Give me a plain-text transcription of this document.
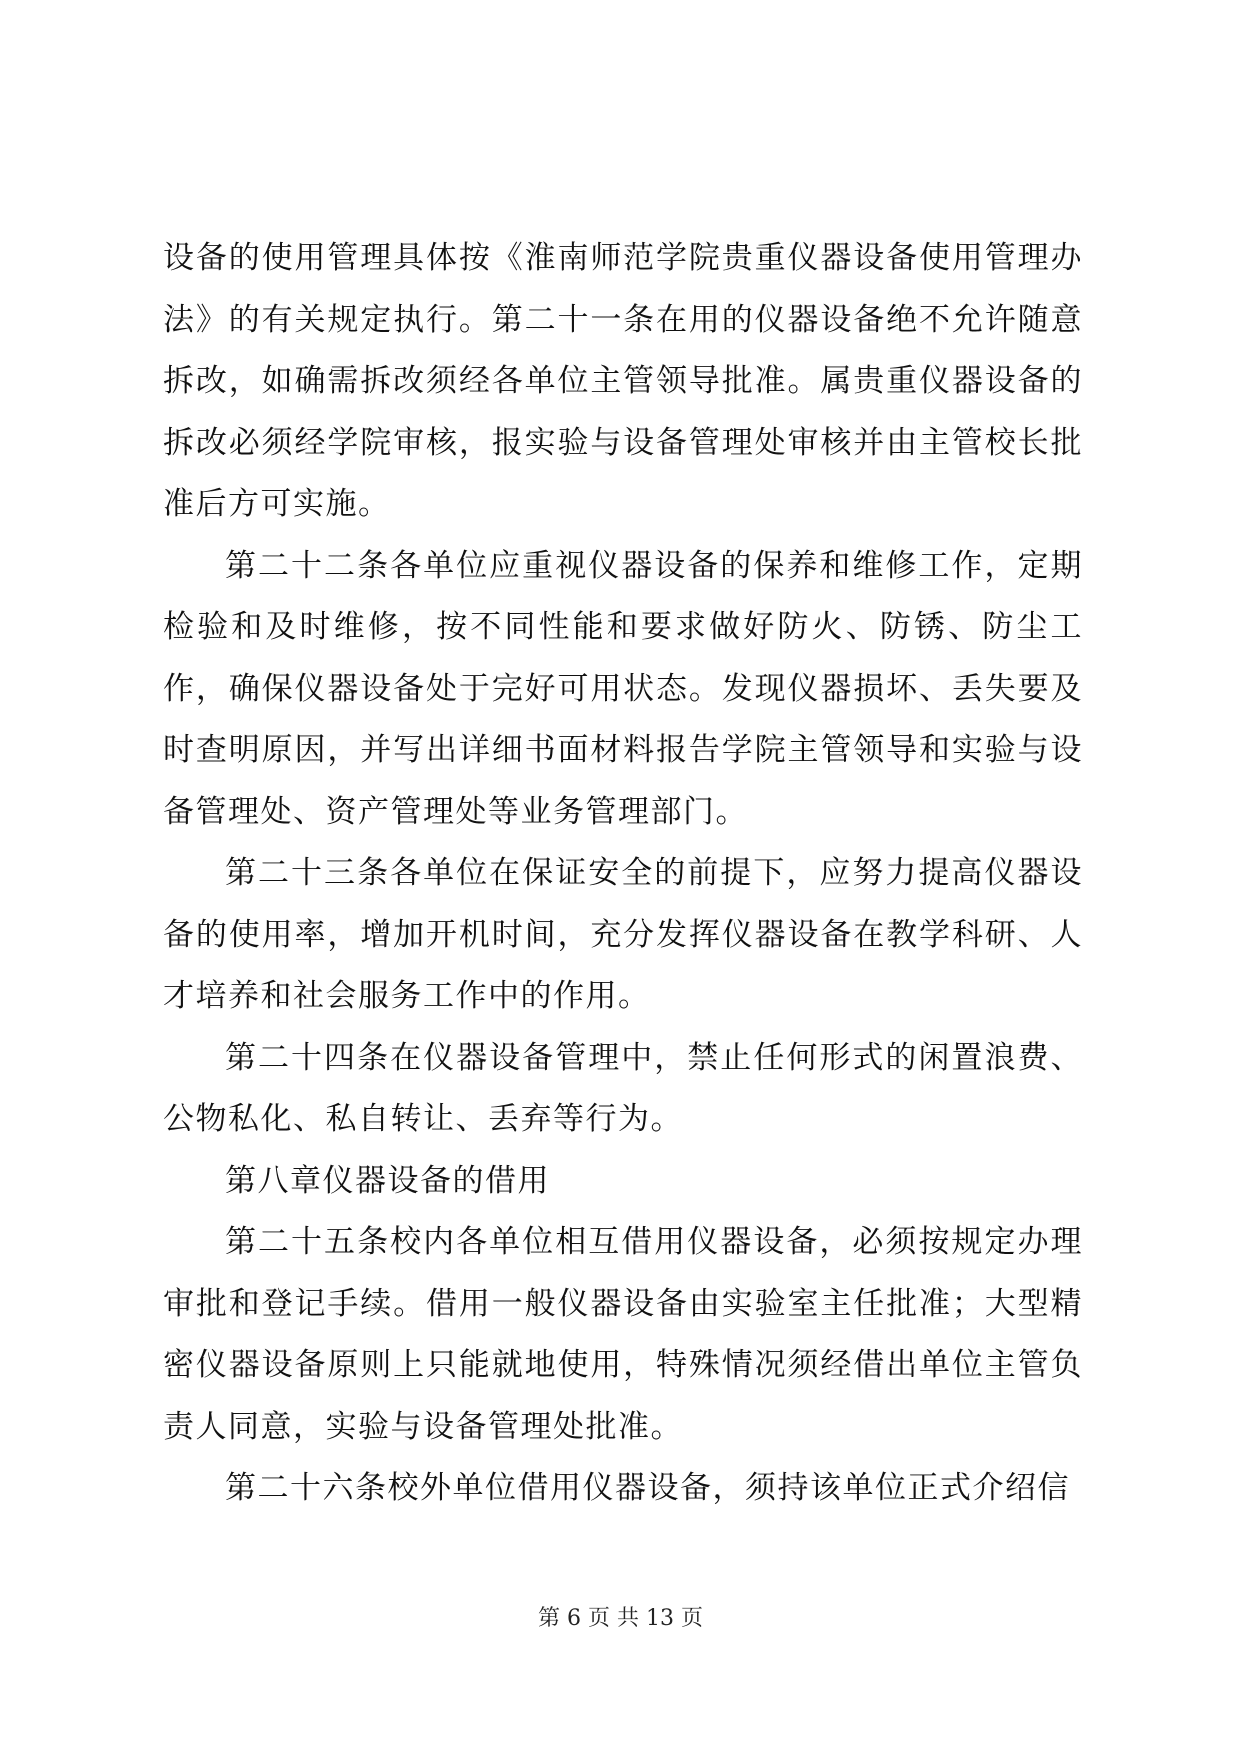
设备的使用管理具体按《淮南师范学院贵重仪器设备使用管理办法》的有关规定执行。第二十一条在用的仪器设备绝不允许随意拆改，如确需拆改须经各单位主管领导批准。属贵重仪器设备的拆改必须经学院审核，报实验与设备管理处审核并由主管校长批准后方可实施。

第二十二条各单位应重视仪器设备的保养和维修工作，定期检验和及时维修，按不同性能和要求做好防火、防锈、防尘工作，确保仪器设备处于完好可用状态。发现仪器损坏、丢失要及时查明原因，并写出详细书面材料报告学院主管领导和实验与设备管理处、资产管理处等业务管理部门。

第二十三条各单位在保证安全的前提下，应努力提高仪器设备的使用率，增加开机时间，充分发挥仪器设备在教学科研、人才培养和社会服务工作中的作用。

第二十四条在仪器设备管理中，禁止任何形式的闲置浪费、公物私化、私自转让、丢弃等行为。

第八章仪器设备的借用

第二十五条校内各单位相互借用仪器设备，必须按规定办理审批和登记手续。借用一般仪器设备由实验室主任批准；大型精密仪器设备原则上只能就地使用，特殊情况须经借出单位主管负责人同意，实验与设备管理处批准。

第二十六条校外单位借用仪器设备，须持该单位正式介绍信

第 6 页 共 13 页
